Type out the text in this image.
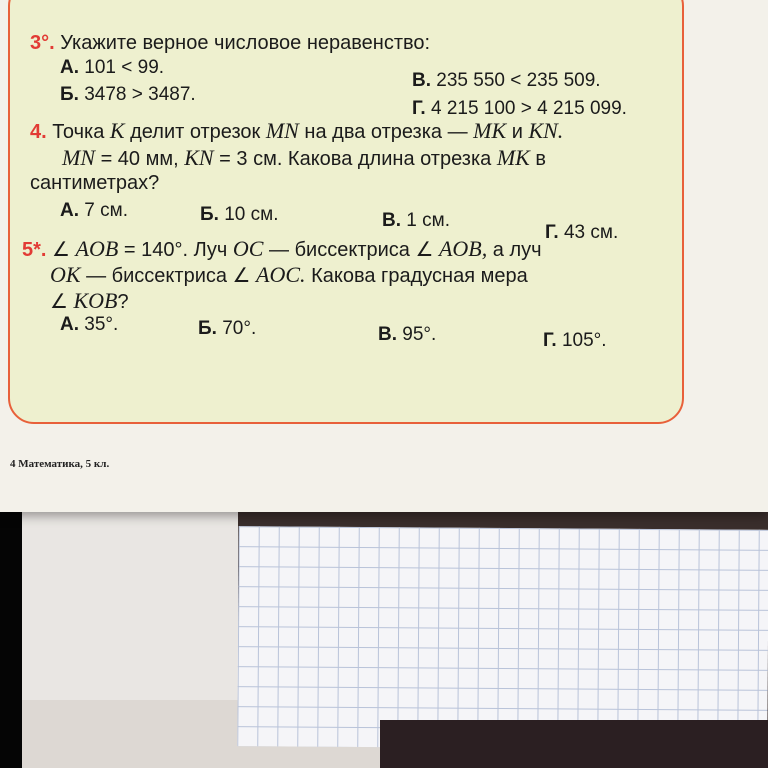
3°. Укажите верное числовое неравенство:
А. 101 < 99.
Б. 3478 > 3487.
В. 235 550 < 235 509.
Г. 4 215 100 > 4 215 099.
4. Точка K делит отрезок MN на два отрезка — MK и KN.
MN = 40 мм, KN = 3 см. Какова длина отрезка MK в
сантиметрах?
А. 7 см.	Б. 10 см.	В. 1 см.
Г. 43 см.
5*. ∠ AOB = 140°. Луч OC — биссектриса ∠ AOB, а луч
OK — биссектриса ∠ AOC. Какова градусная мера
∠ KOB?
А. 35°.	Б. 70°.	В. 95°.	Г. 105°.
4 Математика, 5 кл.
